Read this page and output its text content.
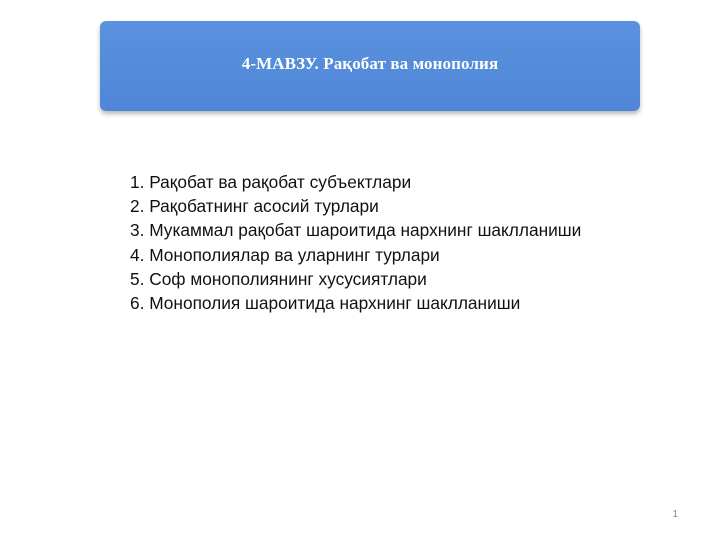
4-МАВЗУ. Рақобат ва монополия
1. Рақобат ва рақобат субъектлари
2. Рақобатнинг асосий турлари
3. Мукаммал рақобат шароитида нархнинг шаклланиши
4. Монополиялар ва уларнинг турлари
5. Соф монополиянинг хусусиятлари
6. Монополия шароитида нархнинг шаклланиши
1
